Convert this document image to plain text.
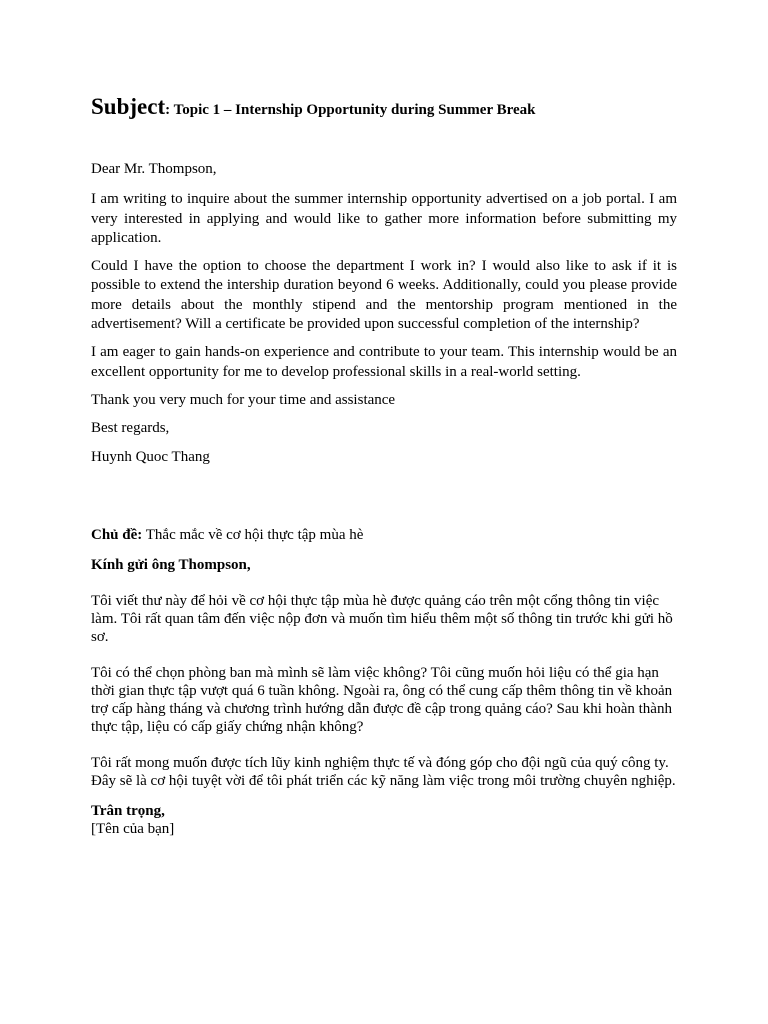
Subject: Topic 1 – Internship Opportunity during Summer Break

Dear Mr. Thompson,

I am writing to inquire about the summer internship opportunity advertised on a job portal. I am very interested in applying and would like to gather more information before submitting my application.

Could I have the option to choose the department I work in? I would also like to ask if it is possible to extend the intership duration beyond 6 weeks. Additionally, could you please provide more details about the monthly stipend and the mentorship program mentioned in the advertisement? Will a certificate be provided upon successful completion of the internship?

I am eager to gain hands-on experience and contribute to your team. This internship would be an excellent opportunity for me to develop professional skills in a real-world setting.

Thank you very much for your time and assistance

Best regards,

Huynh Quoc Thang

Chủ đề: Thắc mắc về cơ hội thực tập mùa hè

Kính gửi ông Thompson,

Tôi viết thư này để hỏi về cơ hội thực tập mùa hè được quảng cáo trên một cổng thông tin việc làm. Tôi rất quan tâm đến việc nộp đơn và muốn tìm hiểu thêm một số thông tin trước khi gửi hồ sơ.

Tôi có thể chọn phòng ban mà mình sẽ làm việc không? Tôi cũng muốn hỏi liệu có thể gia hạn thời gian thực tập vượt quá 6 tuần không. Ngoài ra, ông có thể cung cấp thêm thông tin về khoản trợ cấp hàng tháng và chương trình hướng dẫn được đề cập trong quảng cáo? Sau khi hoàn thành thực tập, liệu có cấp giấy chứng nhận không?

Tôi rất mong muốn được tích lũy kinh nghiệm thực tế và đóng góp cho đội ngũ của quý công ty. Đây sẽ là cơ hội tuyệt vời để tôi phát triển các kỹ năng làm việc trong môi trường chuyên nghiệp.

Trân trọng,

[Tên của bạn]
